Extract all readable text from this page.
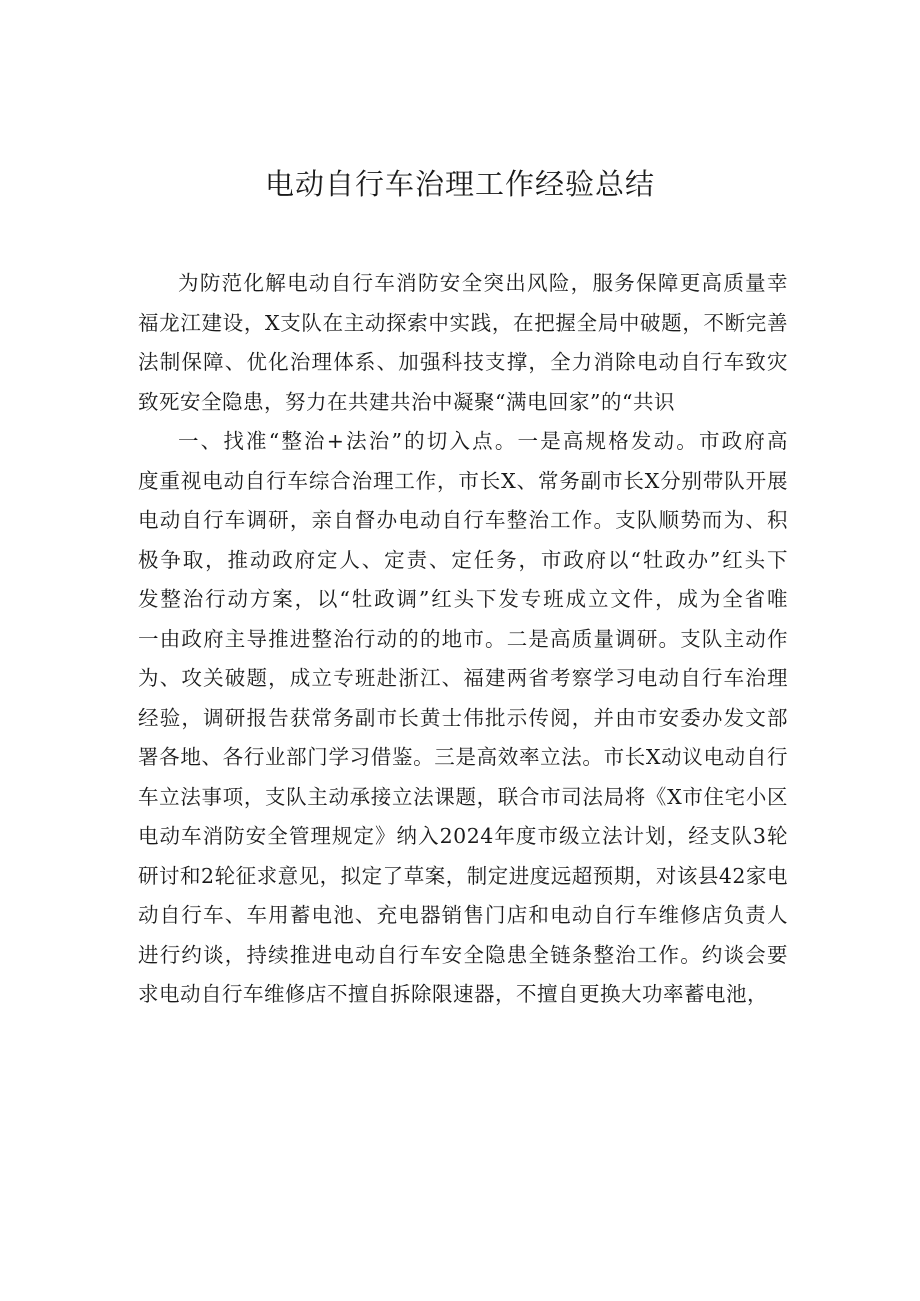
电动自行车治理工作经验总结
为防范化解电动自行车消防安全突出风险，服务保障更高质量幸
福龙江建设，X支队在主动探索中实践，在把握全局中破题，不断完善
法制保障、优化治理体系、加强科技支撑，全力消除电动自行车致灾
致死安全隐患，努力在共建共治中凝聚“满电回家”的“共识
一、找准“整治+法治”的切入点。一是高规格发动。市政府高
度重视电动自行车综合治理工作，市长X、常务副市长X分别带队开展
电动自行车调研，亲自督办电动自行车整治工作。支队顺势而为、积
极争取，推动政府定人、定责、定任务，市政府以“牡政办”红头下
发整治行动方案，以“牡政调”红头下发专班成立文件，成为全省唯
一由政府主导推进整治行动的的地市。二是高质量调研。支队主动作
为、攻关破题，成立专班赴浙江、福建两省考察学习电动自行车治理
经验，调研报告获常务副市长黄士伟批示传阅，并由市安委办发文部
署各地、各行业部门学习借鉴。三是高效率立法。市长X动议电动自行
车立法事项，支队主动承接立法课题，联合市司法局将《X市住宅小区
电动车消防安全管理规定》纳入2024年度市级立法计划，经支队3轮
研讨和2轮征求意见，拟定了草案，制定进度远超预期，对该县42家电
动自行车、车用蓄电池、充电器销售门店和电动自行车维修店负责人
进行约谈，持续推进电动自行车安全隐患全链条整治工作。约谈会要
求电动自行车维修店不擅自拆除限速器，不擅自更换大功率蓄电池，
